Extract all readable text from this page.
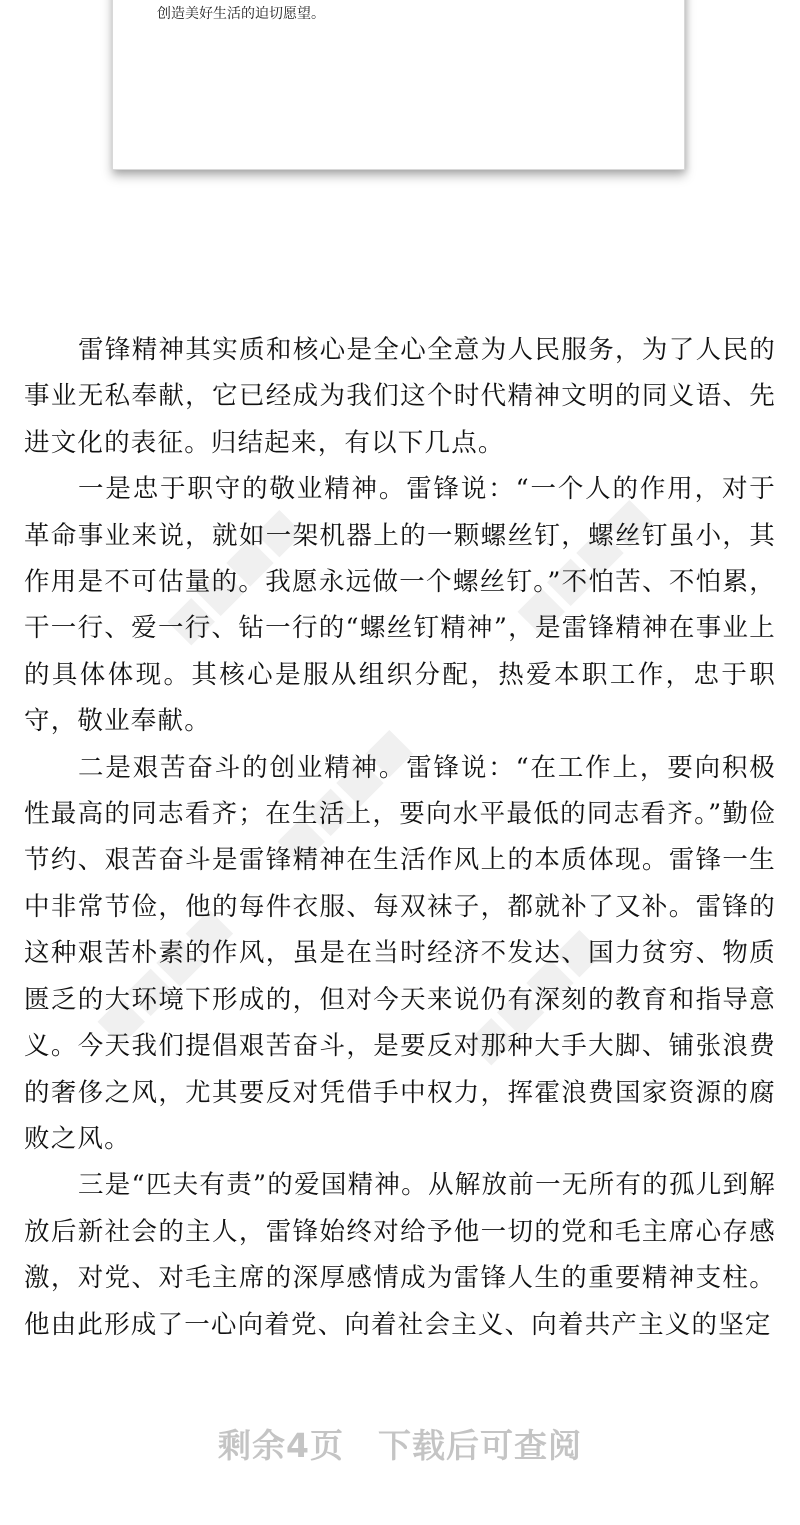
创造美好生活的迫切愿望。
■■■■	■■■■
■■■■
■■■■	■■■■

雷锋精神其实质和核心是全心全意为人民服务，为了人民的事业无私奉献，它已经成为我们这个时代精神文明的同义语、先进文化的表征。归结起来，有以下几点。

一是忠于职守的敬业精神。雷锋说：“一个人的作用，对于革命事业来说，就如一架机器上的一颗螺丝钉，螺丝钉虽小，其作用是不可估量的。我愿永远做一个螺丝钉。”不怕苦、不怕累，干一行、爱一行、钻一行的“螺丝钉精神”，是雷锋精神在事业上的具体体现。其核心是服从组织分配，热爱本职工作，忠于职守，敬业奉献。

二是艰苦奋斗的创业精神。雷锋说：“在工作上，要向积极性最高的同志看齐；在生活上，要向水平最低的同志看齐。”勤俭节约、艰苦奋斗是雷锋精神在生活作风上的本质体现。雷锋一生中非常节俭，他的每件衣服、每双袜子，都就补了又补。雷锋的这种艰苦朴素的作风，虽是在当时经济不发达、国力贫穷、物质匮乏的大环境下形成的，但对今天来说仍有深刻的教育和指导意义。今天我们提倡艰苦奋斗，是要反对那种大手大脚、铺张浪费的奢侈之风，尤其要反对凭借手中权力，挥霍浪费国家资源的腐败之风。

三是“匹夫有责”的爱国精神。从解放前一无所有的孤儿到解放后新社会的主人，雷锋始终对给予他一切的党和毛主席心存感激，对党、对毛主席的深厚感情成为雷锋人生的重要精神支柱。他由此形成了一心向着党、向着社会主义、向着共产主义的坚定

剩余4页 下载后可查阅
